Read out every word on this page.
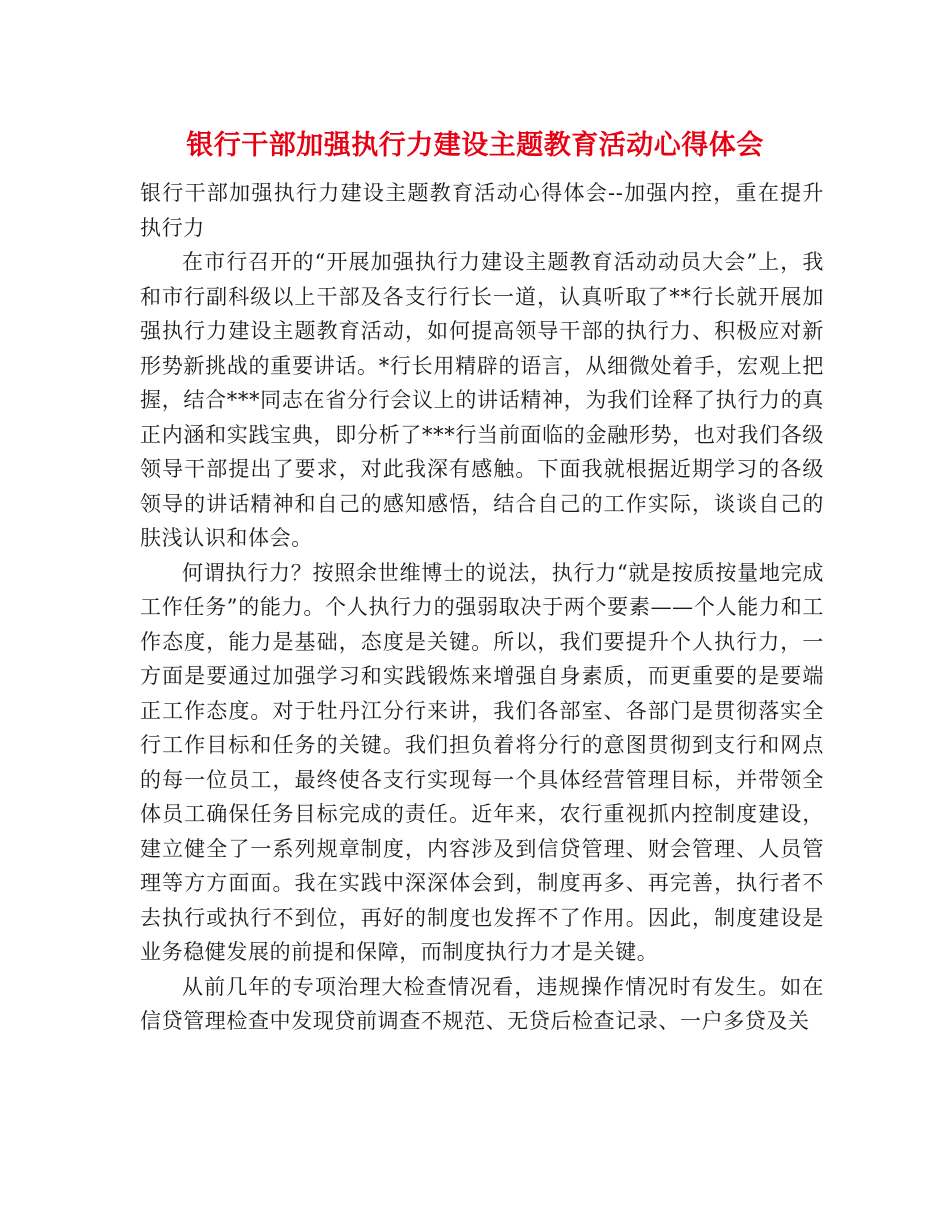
银行干部加强执行力建设主题教育活动心得体会

银行干部加强执行力建设主题教育活动心得体会--加强内控，重在提升执行力

在市行召开的“开展加强执行力建设主题教育活动动员大会”上，我和市行副科级以上干部及各支行行长一道，认真听取了**行长就开展加强执行力建设主题教育活动，如何提高领导干部的执行力、积极应对新形势新挑战的重要讲话。*行长用精辟的语言，从细微处着手，宏观上把握，结合***同志在省分行会议上的讲话精神，为我们诠释了执行力的真正内涵和实践宝典，即分析了***行当前面临的金融形势，也对我们各级领导干部提出了要求，对此我深有感触。下面我就根据近期学习的各级领导的讲话精神和自己的感知感悟，结合自己的工作实际，谈谈自己的肤浅认识和体会。

何谓执行力？按照余世维博士的说法，执行力“就是按质按量地完成工作任务”的能力。个人执行力的强弱取决于两个要素——个人能力和工作态度，能力是基础，态度是关键。所以，我们要提升个人执行力，一方面是要通过加强学习和实践锻炼来增强自身素质，而更重要的是要端正工作态度。对于牡丹江分行来讲，我们各部室、各部门是贯彻落实全行工作目标和任务的关键。我们担负着将分行的意图贯彻到支行和网点的每一位员工，最终使各支行实现每一个具体经营管理目标，并带领全体员工确保任务目标完成的责任。近年来，农行重视抓内控制度建设，建立健全了一系列规章制度，内容涉及到信贷管理、财会管理、人员管理等方方面面。我在实践中深深体会到，制度再多、再完善，执行者不去执行或执行不到位，再好的制度也发挥不了作用。因此，制度建设是业务稳健发展的前提和保障，而制度执行力才是关键。

从前几年的专项治理大检查情况看，违规操作情况时有发生。如在信贷管理检查中发现贷前调查不规范、无贷后检查记录、一户多贷及关
